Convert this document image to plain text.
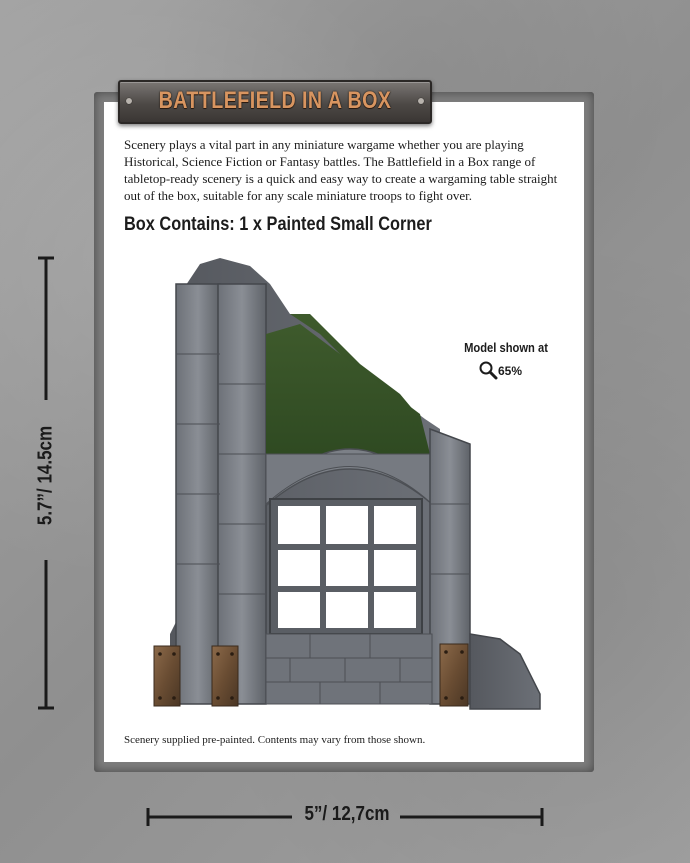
BATTLEFIELD IN A BOX

Scenery plays a vital part in any miniature wargame whether you are playing Historical, Science Fiction or Fantasy battles. The Battlefield in a Box range of tabletop-ready scenery is a quick and easy way to create a wargaming table straight out of the box, suitable for any scale miniature troops to fight over.

Box Contains: 1 x Painted Small Corner
Model shown at
65%

Scenery supplied pre-painted. Contents may vary from those shown.

5.7”/ 14.5cm
5”/ 12,7cm
